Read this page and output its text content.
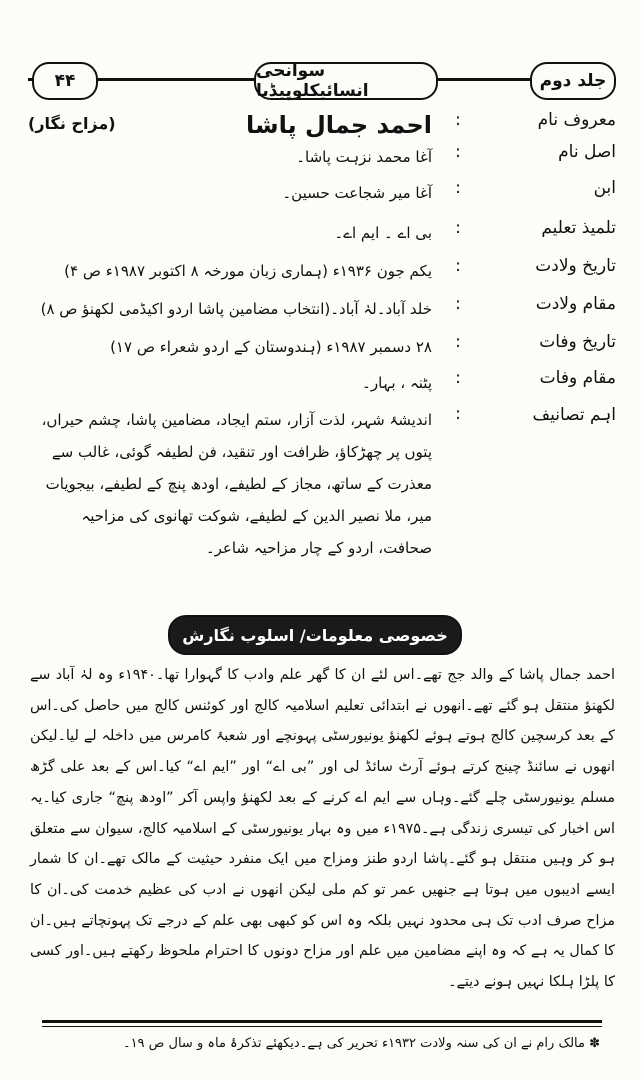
۴۴	سوانحی انسائیکلوپیڈیا	جلد دوم
(مزاح نگار)	معروف نام
:
احمد جمال پاشا
اصل نام
:
آغا محمد نزہت پاشا۔
ابن
:
آغا میر شجاعت حسین۔
تلمیذ تعلیم
:
بی اے ۔ ایم اے۔
تاریخ ولادت
:
یکم جون ۱۹۳۶ء (ہماری زبان مورخہ ۸ اکتوبر ۱۹۸۷ء ص ۴)
مقام ولادت
:
خلد آباد۔لہٰ آباد۔(انتخاب مضامین پاشا اردو اکیڈمی لکھنؤ ص ۸)
تاریخ وفات
:
۲۸ دسمبر ۱۹۸۷ء (ہندوستان کے اردو شعراء ص ۱۷)
مقام وفات
:
پٹنہ ، بہار۔
اہم تصانیف
:
اندیشۂ شہر، لذت آزار، ستم ایجاد، مضامین پاشا، چشم حیراں، پتوں پر چھڑکاؤ، ظرافت اور تنقید، فن لطیفہ گوئی، غالب سے معذرت کے ساتھ، مجاز کے لطیفے، اودھ پنچ کے لطیفے، بیجویات میر، ملا نصیر الدین کے لطیفے، شوکت تھانوی کی مزاحیہ صحافت، اردو کے چار مزاحیہ شاعر۔
خصوصی معلومات/ اسلوب نگارش

احمد جمال پاشا کے والد جج تھے۔اس لئے ان کا گھر علم وادب کا گہوارا تھا۔۱۹۴۰ء وہ لہٰ آباد سے لکھنؤ منتقل ہو گئے تھے۔انھوں نے ابتدائی تعلیم اسلامیہ کالج اور کوئنس کالج میں حاصل کی۔اس کے بعد کرسچین کالج ہوتے ہوئے لکھنؤ یونیورسٹی پہونچے اور شعبۂ کامرس میں داخلہ لے لیا۔لیکن انھوں نے سائنڈ چینج کرتے ہوئے آرٹ سائڈ لی اور ”بی اے“ اور ”ایم اے“ کیا۔اس کے بعد علی گڑھ مسلم یونیورسٹی چلے گئے۔وہاں سے ایم اے کرنے کے بعد لکھنؤ واپس آکر ”اودھ پنچ“ جاری کیا۔یہ اس اخبار کی تیسری زندگی ہے۔۱۹۷۵ء میں وہ بہار یونیورسٹی کے اسلامیہ کالج، سیوان سے متعلق ہو کر وہیں منتقل ہو گئے۔پاشا اردو طنز ومزاح میں ایک منفرد حیثیت کے مالک تھے۔ان کا شمار ایسے ادیبوں میں ہوتا ہے جنھیں عمر تو کم ملی لیکن انھوں نے ادب کی عظیم خدمت کی۔ان کا مزاح صرف ادب تک ہی محدود نہیں بلکہ وہ اس کو کبھی بھی علم کے درجے تک پہونچاتے ہیں۔ان کا کمال یہ ہے کہ وہ اپنے مضامین میں علم اور مزاح دونوں کا احترام ملحوظ رکھتے ہیں۔اور کسی کا پلڑا ہلکا نہیں ہونے دیتے۔

✽ مالک رام نے ان کی سنہ ولادت ۱۹۳۲ء تحریر کی ہے۔دیکھئے تذکرۂ ماہ و سال ص ۱۹۔
